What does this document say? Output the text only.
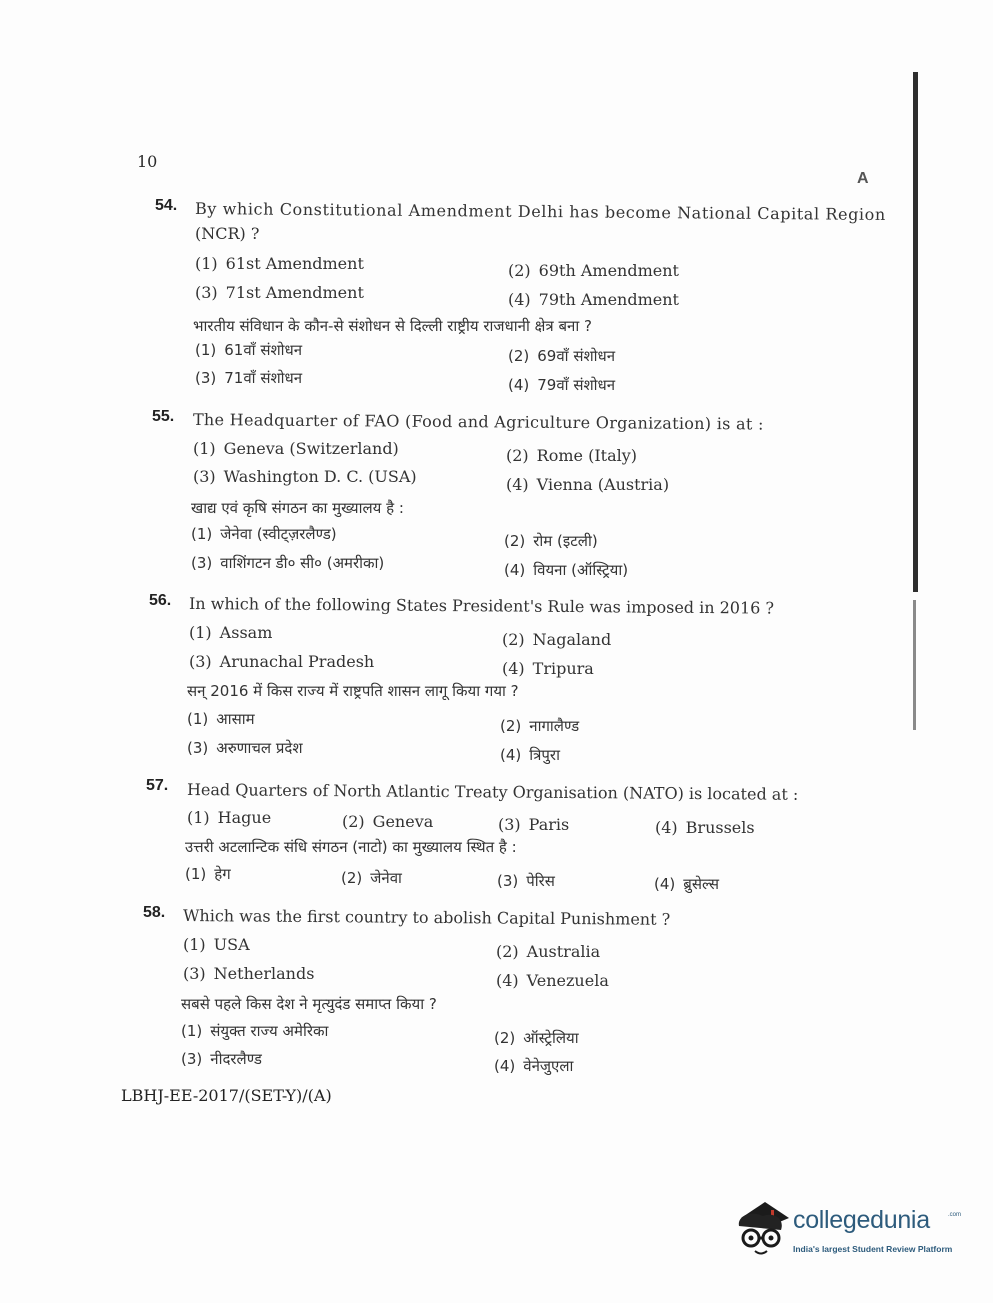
10
A
54. By which Constitutional Amendment Delhi has become National Capital Region
(NCR) ?
(1) 61st Amendment	(2) 69th Amendment
(3) 71st Amendment	(4) 79th Amendment
भारतीय संविधान के कौन-से संशोधन से दिल्ली राष्ट्रीय राजधानी क्षेत्र बना ?
(1) 61वाँ संशोधन	(2) 69वाँ संशोधन
(3) 71वाँ संशोधन	(4) 79वाँ संशोधन
55. The Headquarter of FAO (Food and Agriculture Organization) is at :
(1) Geneva (Switzerland)	(2) Rome (Italy)
(3) Washington D. C. (USA)	(4) Vienna (Austria)
खाद्य एवं कृषि संगठन का मुख्यालय है :
(1) जेनेवा (स्वीट्ज़रलैण्ड)	(2) रोम (इटली)
(3) वाशिंगटन डी० सी० (अमरीका)	(4) वियना (ऑस्ट्रिया)
56. In which of the following States President's Rule was imposed in 2016 ?
(1) Assam	(2) Nagaland
(3) Arunachal Pradesh	(4) Tripura
सन् 2016 में किस राज्य में राष्ट्रपति शासन लागू किया गया ?
(1) आसाम	(2) नागालैण्ड
(3) अरुणाचल प्रदेश	(4) त्रिपुरा
57. Head Quarters of North Atlantic Treaty Organisation (NATO) is located at :
(1) Hague	(2) Geneva	(3) Paris	(4) Brussels
उत्तरी अटलान्टिक संधि संगठन (नाटो) का मुख्यालय स्थित है :
(1) हेग	(2) जेनेवा	(3) पेरिस	(4) ब्रुसेल्स
58. Which was the first country to abolish Capital Punishment ?
(1) USA	(2) Australia
(3) Netherlands	(4) Venezuela
सबसे पहले किस देश ने मृत्युदंड समाप्त किया ?
(1) संयुक्त राज्य अमेरिका	(2) ऑस्ट्रेलिया
(3) नीदरलैण्ड	(4) वेनेजुएला
LBHJ-EE-2017/(SET-Y)/(A)
collegedunia	.com
India's largest Student Review Platform
